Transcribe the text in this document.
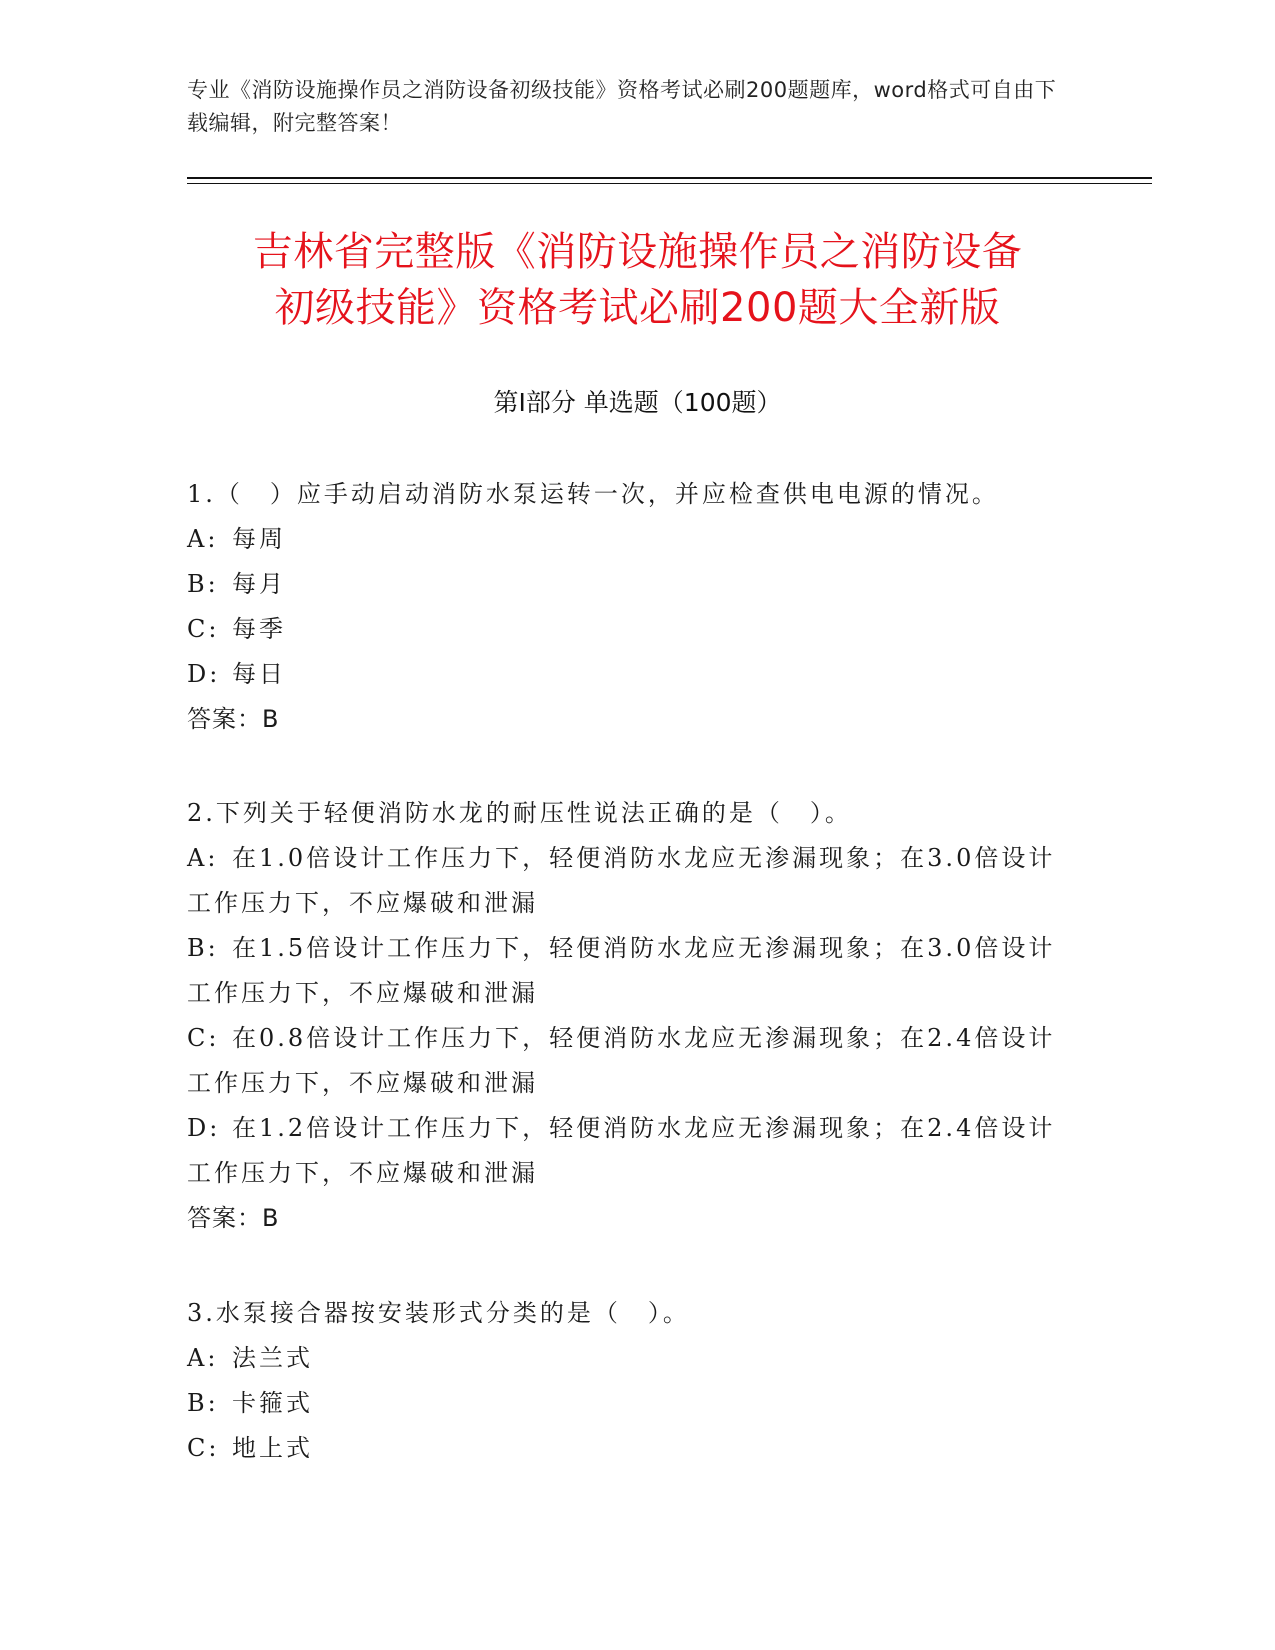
专业《消防设施操作员之消防设备初级技能》资格考试必刷200题题库，word格式可自由下载编辑，附完整答案！
吉林省完整版《消防设施操作员之消防设备
初级技能》资格考试必刷200题大全新版
第Ⅰ部分 单选题（100题）
1.（　）应手动启动消防水泵运转一次，并应检查供电电源的情况。
A: 每周
B: 每月
C: 每季
D: 每日
答案：B
2.下列关于轻便消防水龙的耐压性说法正确的是（　）。
A: 在1.0倍设计工作压力下，轻便消防水龙应无渗漏现象；在3.0倍设计工作压力下，不应爆破和泄漏
B: 在1.5倍设计工作压力下，轻便消防水龙应无渗漏现象；在3.0倍设计工作压力下，不应爆破和泄漏
C: 在0.8倍设计工作压力下，轻便消防水龙应无渗漏现象；在2.4倍设计工作压力下，不应爆破和泄漏
D: 在1.2倍设计工作压力下，轻便消防水龙应无渗漏现象；在2.4倍设计工作压力下，不应爆破和泄漏
答案：B
3.水泵接合器按安装形式分类的是（　）。
A: 法兰式
B: 卡箍式
C: 地上式
